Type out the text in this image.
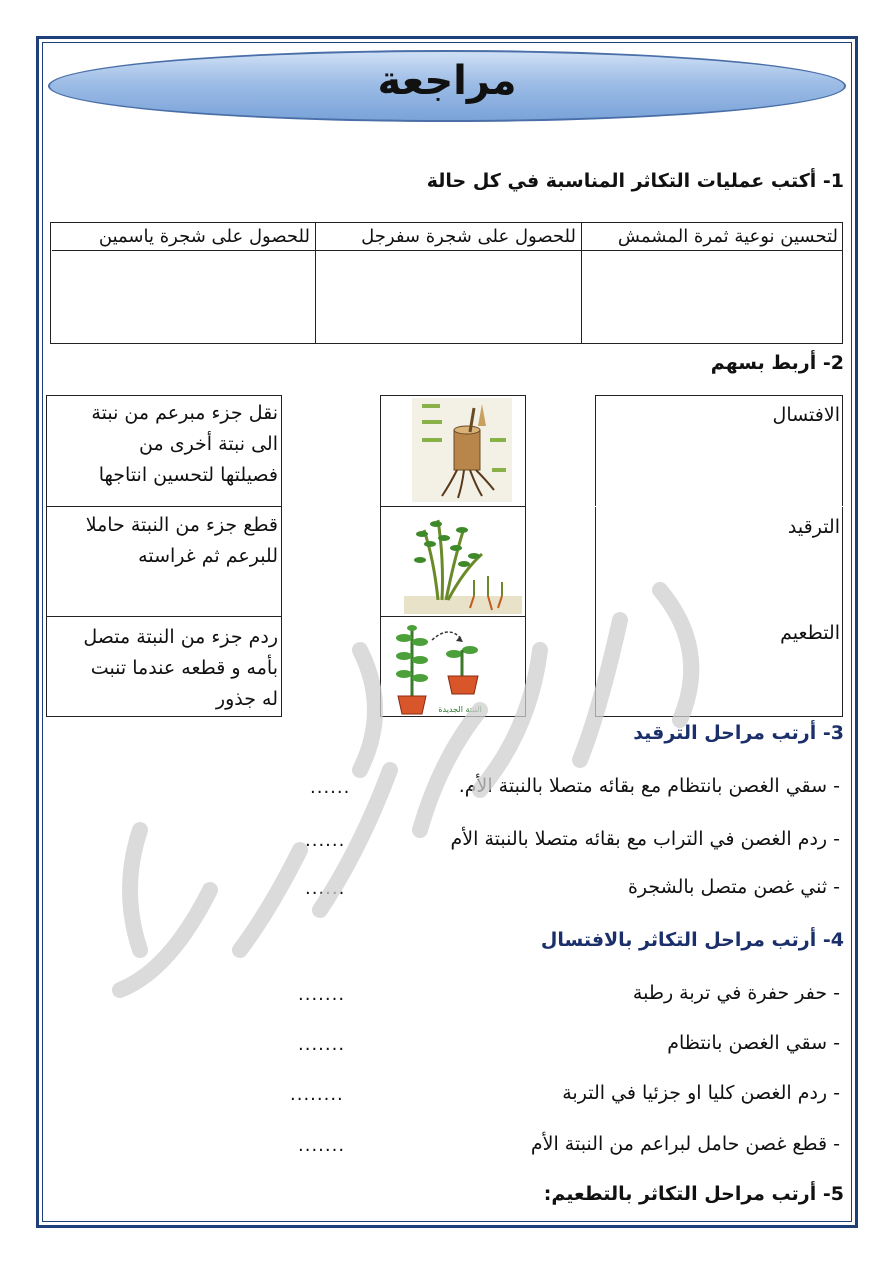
مراجعة
1- أكتب عمليات التكاثر المناسبة في كل حالة
لتحسين نوعية ثمرة المشمش
للحصول على شجرة سفرجل
للحصول على شجرة ياسمين
2- أربط بسهم
الافتسال
الترقيد
التطعيم
النبتة الجديدة
نقل جزء مبرعم من نبتة
الى نبتة أخرى من
فصيلتها لتحسين انتاجها
قطع جزء من النبتة حاملا
للبرعم ثم غراسته
ردم جزء من النبتة متصل
بأمه و قطعه عندما تنبت
له جذور
3- أرتب مراحل الترقيد
- سقي الغصن بانتظام مع بقائه متصلا بالنبتة الأم.
......
- ردم الغصن في التراب مع بقائه متصلا بالنبتة الأم
......
- ثني غصن متصل بالشجرة
......
4- أرتب مراحل التكاثر بالافتسال
- حفر حفرة في تربة رطبة
.......
- سقي الغصن بانتظام
.......
- ردم الغصن كليا او جزئيا في التربة
........
- قطع غصن حامل لبراعم من النبتة الأم
.......
5- أرتب مراحل التكاثر بالتطعيم:
